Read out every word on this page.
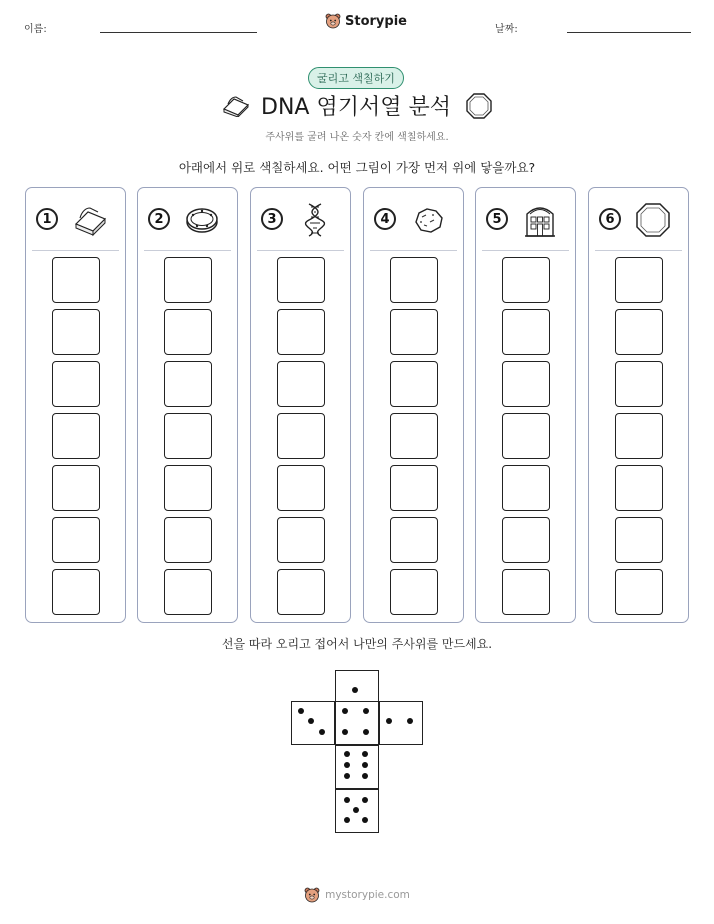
이름:
Storypie
날짜:
굴리고 색칠하기
DNA 염기서열 분석
주사위를 굴려 나온 숫자 칸에 색칠하세요.
아래에서 위로 색칠하세요. 어떤 그림이 가장 먼저 위에 닿을까요?
1	2	3	4	5	6
선을 따라 오리고 접어서 나만의 주사위를 만드세요.
mystorypie.com
